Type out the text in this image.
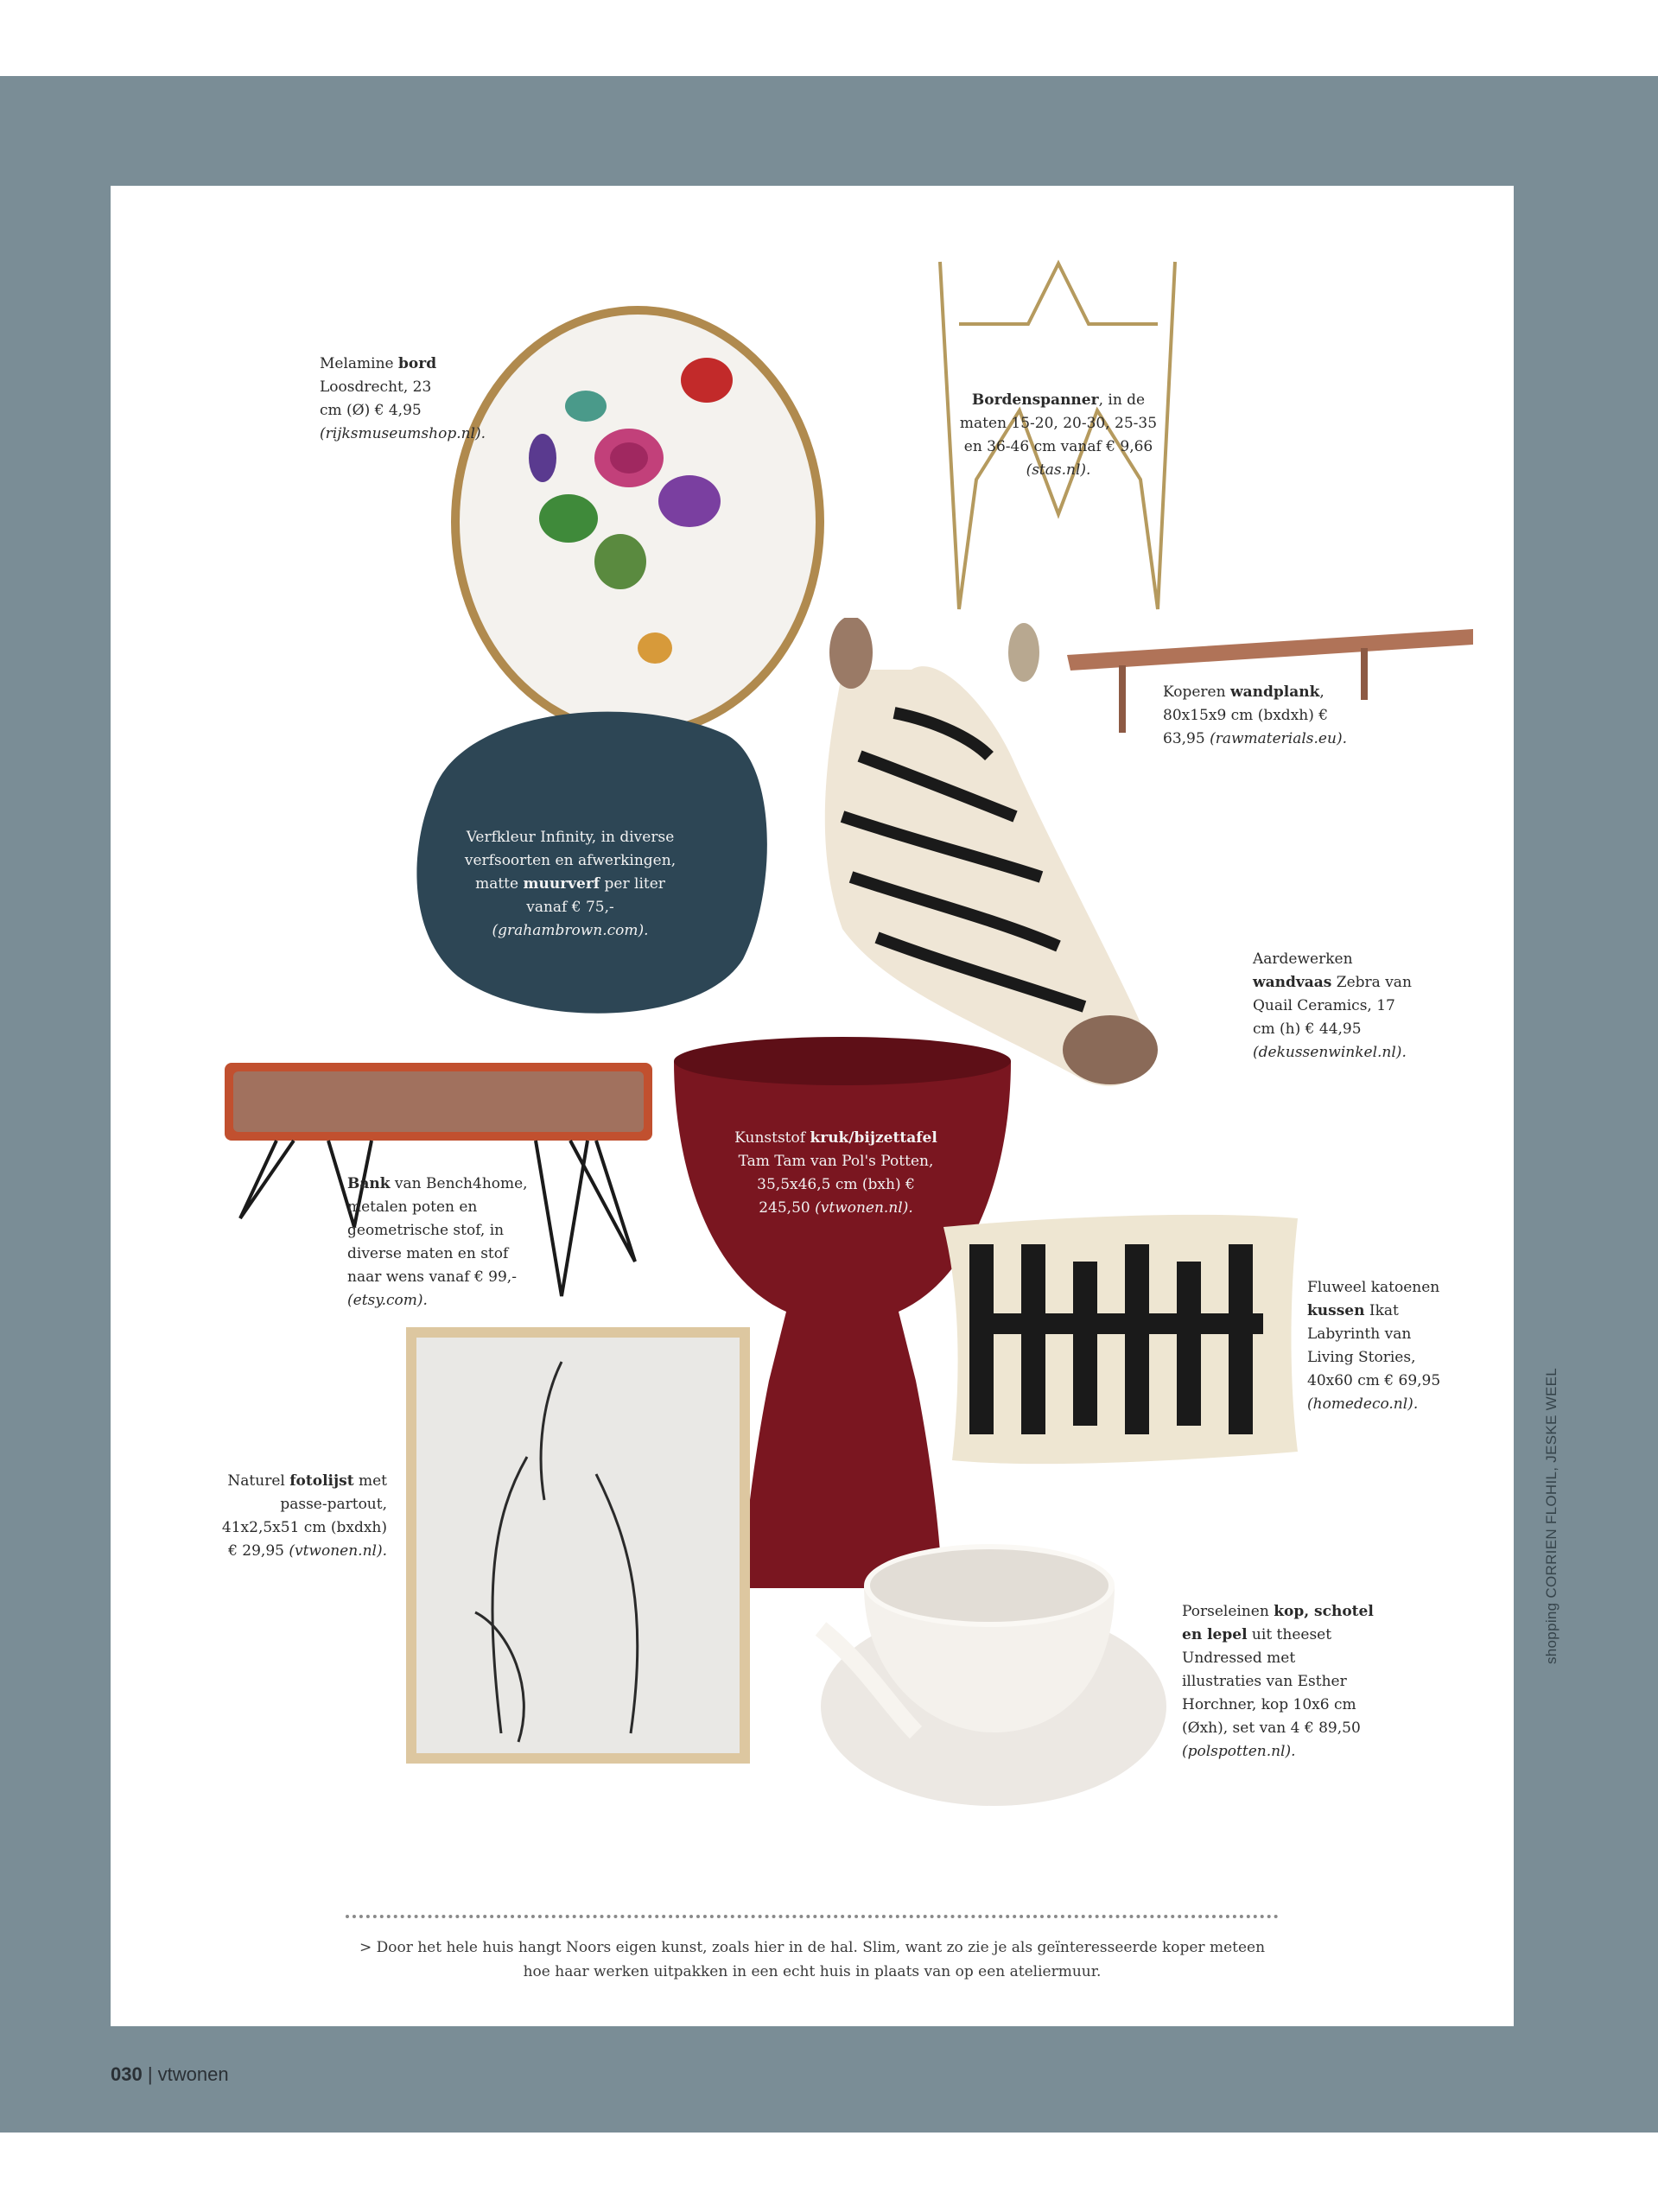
Melamine bord Loosdrecht, 23 cm (Ø) € 4,95 (rijksmuseumshop.nl).
Bordenspanner, in de maten 15-20, 20-30, 25-35 en 36-46 cm vanaf € 9,66 (stas.nl).
Koperen wandplank, 80x15x9 cm (bxdxh) € 63,95 (rawmaterials.eu).
Verfkleur Infinity, in diverse verfsoorten en afwerkingen, matte muurverf per liter vanaf € 75,- (grahambrown.com).
Aardewerken wandvaas Zebra van Quail Ceramics, 17 cm (h) € 44,95 (dekussenwinkel.nl).
Kunststof kruk/bijzettafel Tam Tam van Pol's Potten, 35,5x46,5 cm (bxh) € 245,50 (vtwonen.nl).
Bank van Bench4home, metalen poten en geometrische stof, in diverse maten en stof naar wens vanaf € 99,- (etsy.com).
Fluweel katoenen kussen Ikat Labyrinth van Living Stories, 40x60 cm € 69,95 (homedeco.nl).
Naturel fotolijst met passe-partout, 41x2,5x51 cm (bxdxh) € 29,95 (vtwonen.nl).
Porseleinen kop, schotel en lepel uit theeset Undressed met illustraties van Esther Horchner, kop 10x6 cm (Øxh), set van 4 € 89,50 (polspotten.nl).
> Door het hele huis hangt Noors eigen kunst, zoals hier in de hal. Slim, want zo zie je als geïnteresseerde koper meteen hoe haar werken uitpakken in een echt huis in plaats van op een ateliermuur.
030 | vtwonen
shopping CORRIEN FLOHIL, JESKE WEEL
